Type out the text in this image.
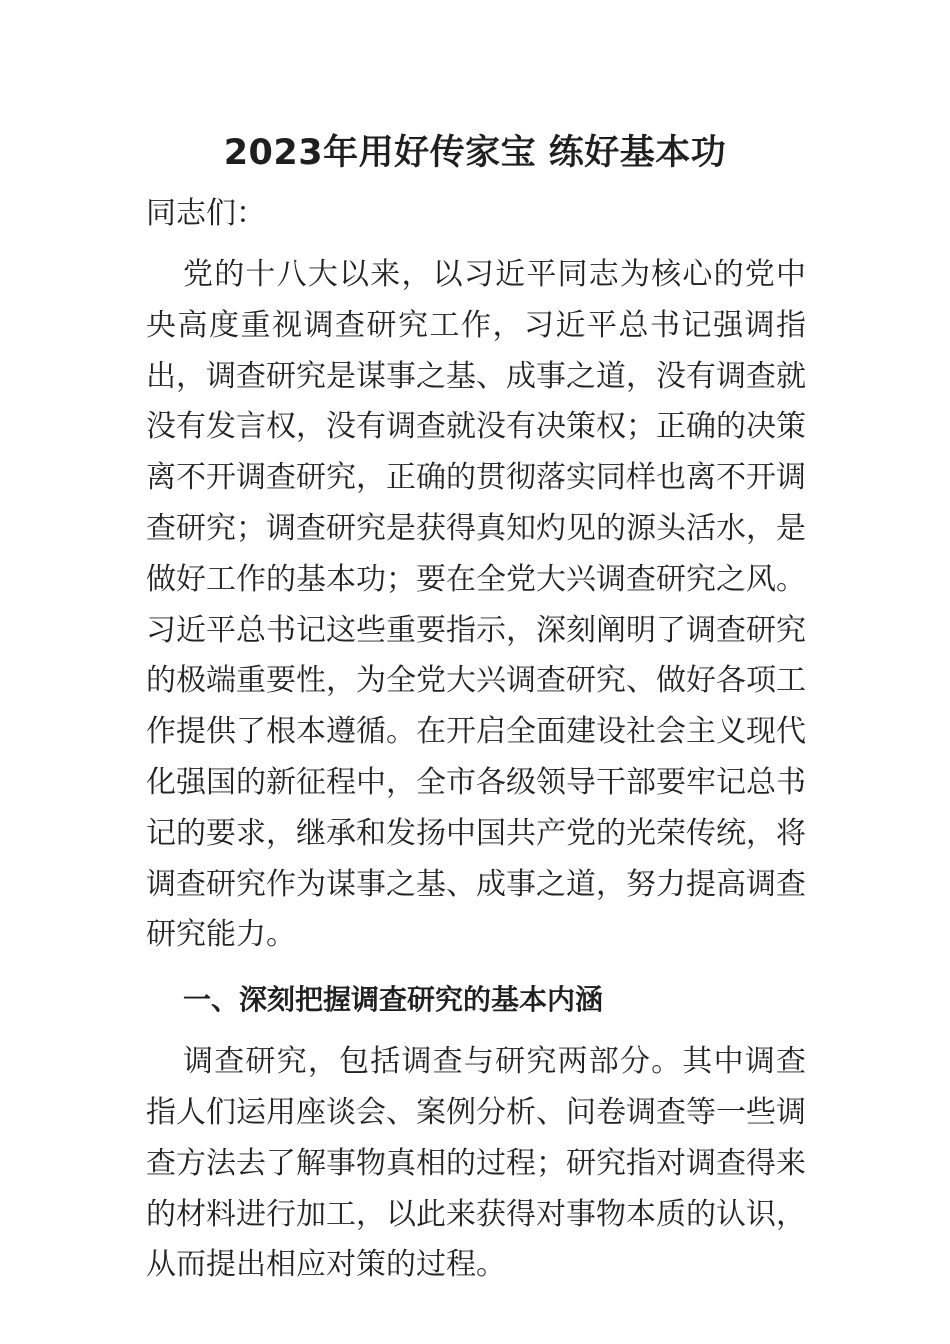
2023年用好传家宝 练好基本功

同志们：

党的十八大以来，以习近平同志为核心的党中央高度重视调查研究工作，习近平总书记强调指出，调查研究是谋事之基、成事之道，没有调查就没有发言权，没有调查就没有决策权；正确的决策离不开调查研究，正确的贯彻落实同样也离不开调查研究；调查研究是获得真知灼见的源头活水，是做好工作的基本功；要在全党大兴调查研究之风。习近平总书记这些重要指示，深刻阐明了调查研究的极端重要性，为全党大兴调查研究、做好各项工作提供了根本遵循。在开启全面建设社会主义现代化强国的新征程中，全市各级领导干部要牢记总书记的要求，继承和发扬中国共产党的光荣传统，将调查研究作为谋事之基、成事之道，努力提高调查研究能力。

一、深刻把握调查研究的基本内涵

调查研究，包括调查与研究两部分。其中调查指人们运用座谈会、案例分析、问卷调查等一些调查方法去了解事物真相的过程；研究指对调查得来的材料进行加工，以此来获得对事物本质的认识，从而提出相应对策的过程。
